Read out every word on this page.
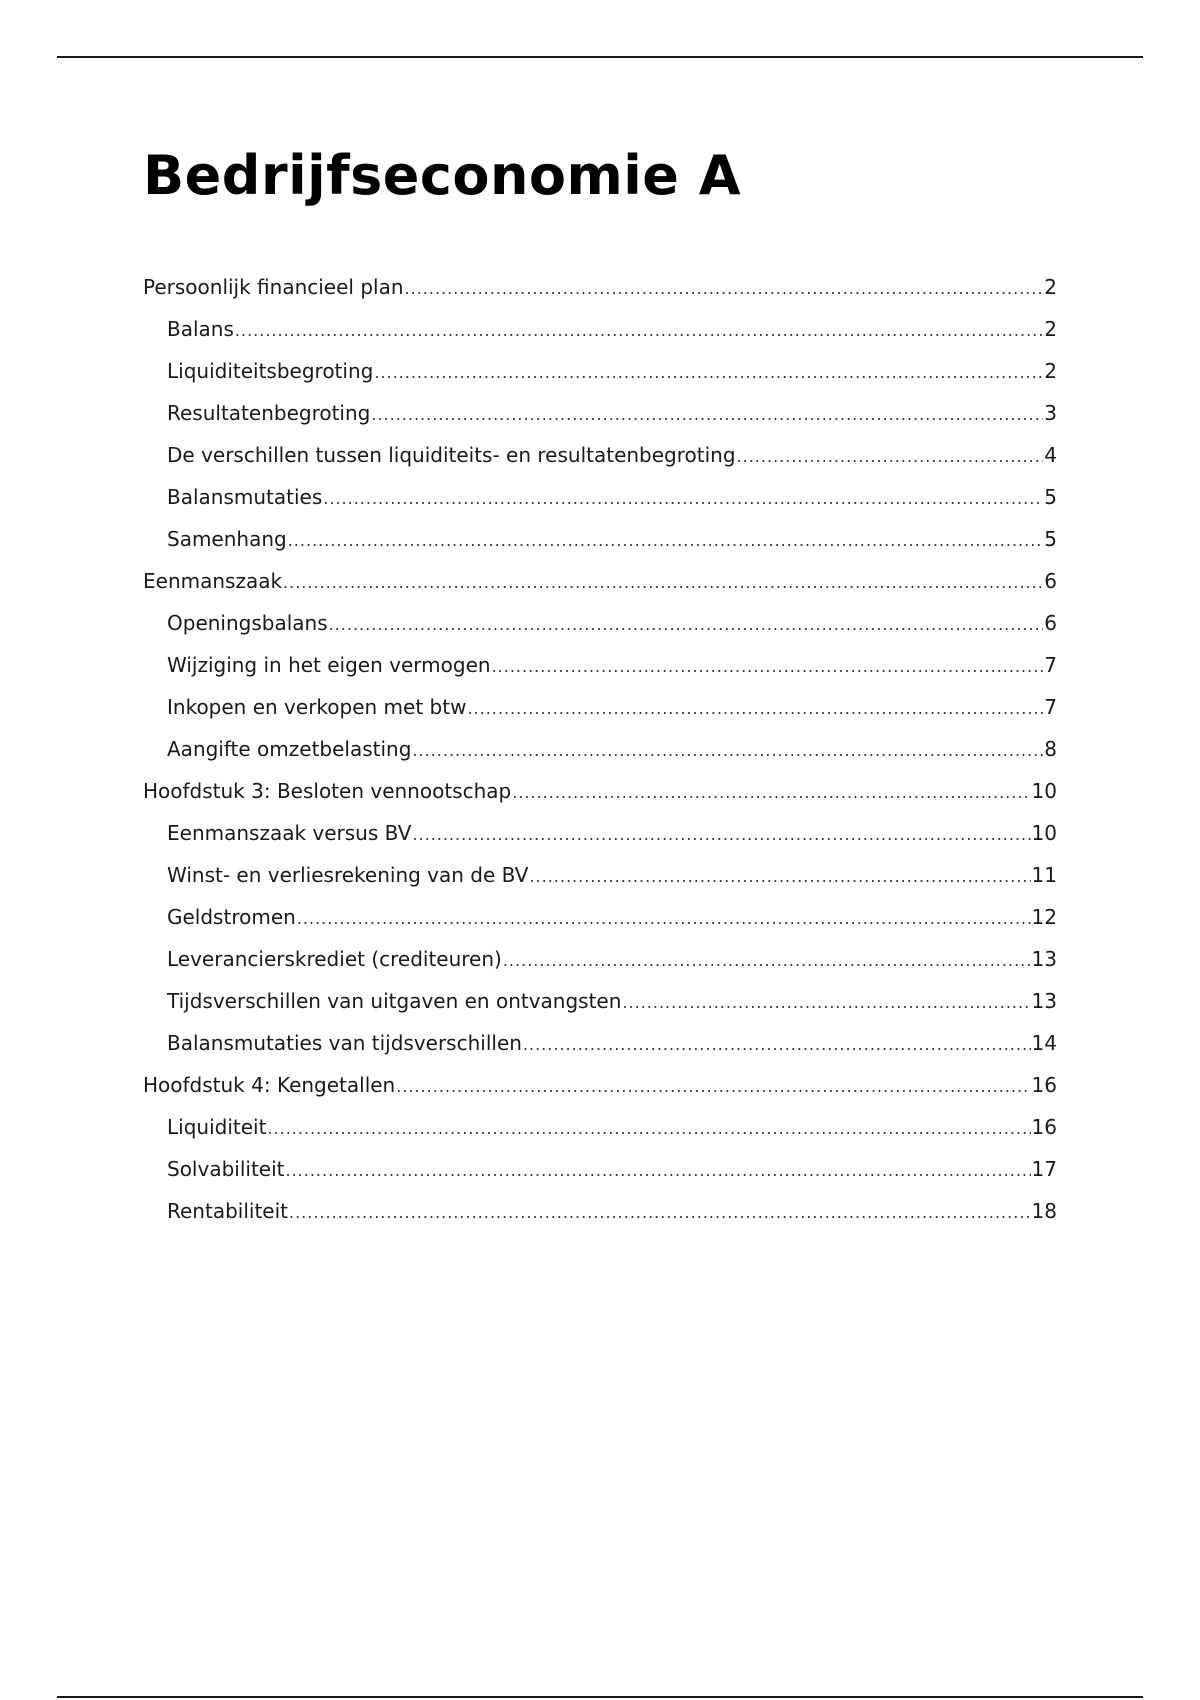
Bedrijfseconomie A
Persoonlijk financieel plan .....	2
Balans .....	2
Liquiditeitsbegroting .....	2
Resultatenbegroting .....	3
De verschillen tussen liquiditeits- en resultatenbegroting .....	4
Balansmutaties .....	5
Samenhang .....	5
Eenmanszaak .....	6
Openingsbalans .....	6
Wijziging in het eigen vermogen .....	7
Inkopen en verkopen met btw .....	7
Aangifte omzetbelasting .....	8
Hoofdstuk 3: Besloten vennootschap .....	10
Eenmanszaak versus BV .....	10
Winst- en verliesrekening van de BV .....	11
Geldstromen .....	12
Leverancierskrediet (crediteuren) .....	13
Tijdsverschillen van uitgaven en ontvangsten .....	13
Balansmutaties van tijdsverschillen .....	14
Hoofdstuk 4: Kengetallen .....	16
Liquiditeit .....	16
Solvabiliteit .....	17
Rentabiliteit .....	18
